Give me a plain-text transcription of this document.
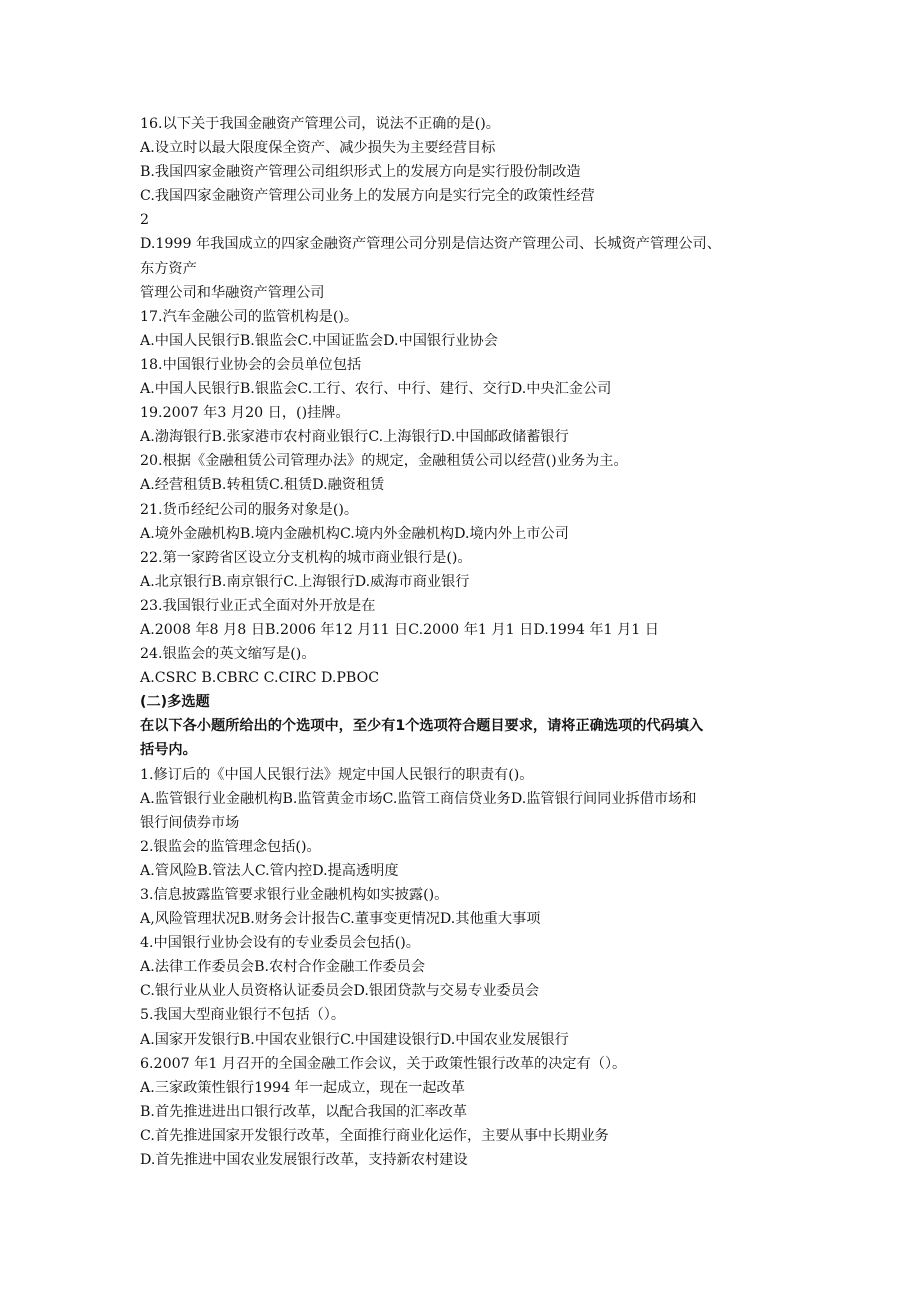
16.以下关于我国金融资产管理公司，说法不正确的是()。
A.设立时以最大限度保全资产、减少损失为主要经营目标
B.我国四家金融资产管理公司组织形式上的发展方向是实行股份制改造
C.我国四家金融资产管理公司业务上的发展方向是实行完全的政策性经营
2
D.1999 年我国成立的四家金融资产管理公司分别是信达资产管理公司、长城资产管理公司、
东方资产
管理公司和华融资产管理公司
17.汽车金融公司的监管机构是()。
A.中国人民银行B.银监会C.中国证监会D.中国银行业协会
18.中国银行业协会的会员单位包括
A.中国人民银行B.银监会C.工行、农行、中行、建行、交行D.中央汇金公司
19.2007 年3 月20 日，()挂牌。
A.渤海银行B.张家港市农村商业银行C.上海银行D.中国邮政储蓄银行
20.根据《金融租赁公司管理办法》的规定，金融租赁公司以经营()业务为主。
A.经营租赁B.转租赁C.租赁D.融资租赁
21.货币经纪公司的服务对象是()。
A.境外金融机构B.境内金融机构C.境内外金融机构D.境内外上市公司
22.第一家跨省区设立分支机构的城市商业银行是()。
A.北京银行B.南京银行C.上海银行D.威海市商业银行
23.我国银行业正式全面对外开放是在
A.2008 年8 月8 日B.2006 年12 月11 日C.2000 年1 月1 日D.1994 年1 月1 日
24.银监会的英文缩写是()。
A.CSRC B.CBRC C.CIRC D.PBOC
(二)多选题
在以下各小题所给出的个选项中，至少有1个选项符合题目要求，请将正确选项的代码填入
括号内。
1.修订后的《中国人民银行法》规定中国人民银行的职责有()。
A.监管银行业金融机构B.监管黄金市场C.监管工商信贷业务D.监管银行间同业拆借市场和
银行间债券市场
2.银监会的监管理念包括()。
A.管风险B.管法人C.管内控D.提高透明度
3.信息披露监管要求银行业金融机构如实披露()。
A,风险管理状况B.财务会计报告C.董事变更情况D.其他重大事项
4.中国银行业协会设有的专业委员会包括()。
A.法律工作委员会B.农村合作金融工作委员会
C.银行业从业人员资格认证委员会D.银团贷款与交易专业委员会
5.我国大型商业银行不包括（）。
A.国家开发银行B.中国农业银行C.中国建设银行D.中国农业发展银行
6.2007 年1 月召开的全国金融工作会议，关于政策性银行改革的决定有（）。
A.三家政策性银行1994 年一起成立，现在一起改革
B.首先推进进出口银行改革，以配合我国的汇率改革
C.首先推进国家开发银行改革，全面推行商业化运作，主要从事中长期业务
D.首先推进中国农业发展银行改革，支持新农村建设
